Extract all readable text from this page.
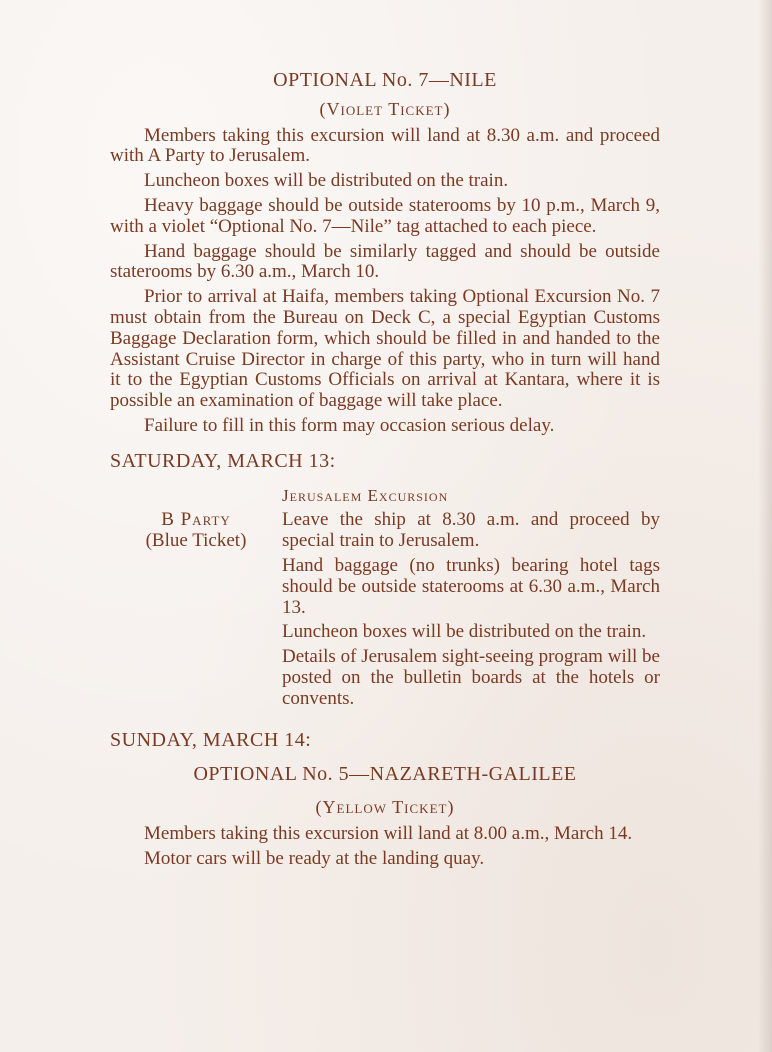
OPTIONAL No. 7—NILE
(Violet Ticket)

Members taking this excursion will land at 8.30 a.m. and proceed with A Party to Jerusalem.

Luncheon boxes will be distributed on the train.

Heavy baggage should be outside staterooms by 10 p.m., March 9, with a violet “Optional No. 7—Nile” tag attached to each piece.

Hand baggage should be similarly tagged and should be outside staterooms by 6.30 a.m., March 10.

Prior to arrival at Haifa, members taking Optional Excursion No. 7 must obtain from the Bureau on Deck C, a special Egyptian Customs Baggage Declaration form, which should be filled in and handed to the Assistant Cruise Director in charge of this party, who in turn will hand it to the Egyptian Customs Officials on arrival at Kantara, where it is possible an examination of baggage will take place.

Failure to fill in this form may occasion serious delay.

SATURDAY, MARCH 13:
Jerusalem Excursion
B Party
(Blue Ticket)

Leave the ship at 8.30 a.m. and proceed by special train to Jerusalem.

Hand baggage (no trunks) bearing hotel tags should be outside staterooms at 6.30 a.m., March 13.

Luncheon boxes will be distributed on the train.

Details of Jerusalem sight-seeing program will be posted on the bulletin boards at the hotels or convents.

SUNDAY, MARCH 14:
OPTIONAL No. 5—NAZARETH-GALILEE
(Yellow Ticket)

Members taking this excursion will land at 8.00 a.m., March 14.

Motor cars will be ready at the landing quay.
